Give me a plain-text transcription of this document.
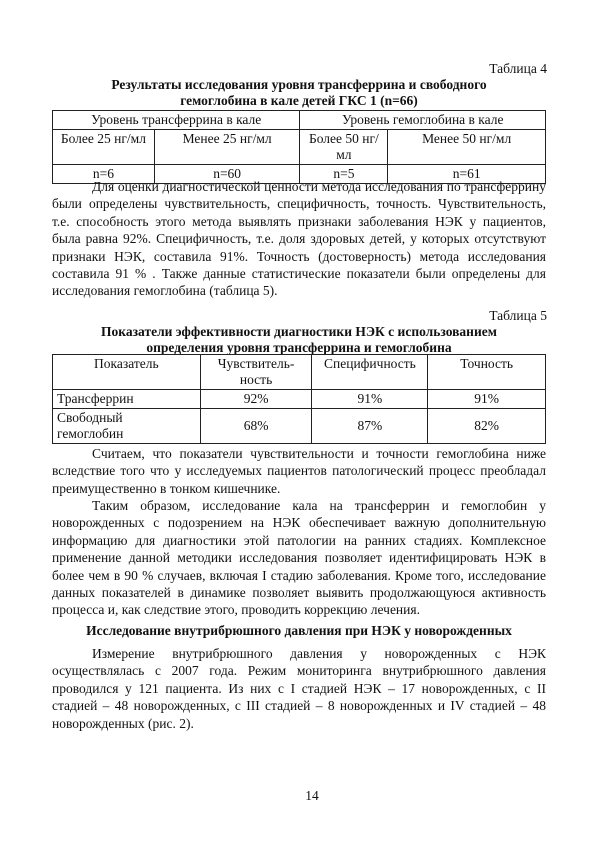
Таблица 4
Результаты исследования уровня трансферрина и свободного
гемоглобина в кале детей ГКС 1 (n=66)
Уровень трансферрина в кале		Уровень гемоглобина в кале	
Более 25 нг/мл	Менее 25 нг/мл	Более 50 нг/мл	Менее 50 нг/мл
n=6	n=60	n=5	n=61

Для оценки диагностической ценности метода исследования по трансферрину были определены чувствительность, специфичность, точность. Чувствительность, т.е. способность этого метода выявлять признаки заболевания НЭК у пациентов, была равна 92%. Специфичность, т.е. доля здоровых детей, у которых отсутствуют признаки НЭК, составила 91%. Точность (достоверность) метода исследования составила 91 % . Также данные статистические показатели были определены для исследования гемоглобина (таблица 5).

Таблица 5
Показатели эффективности диагностики НЭК с использованием
определения уровня трансферрина и гемоглобина
Показатель	Чувствитель-ность	Специфичность	Точность
Трансферрин	92%	91%	91%

Свободный гемоглобин	68%	87%	82%

Считаем, что показатели чувствительности и точности гемоглобина ниже вследствие того что у исследуемых пациентов патологический процесс преобладал преимущественно в тонком кишечнике.

Таким образом, исследование кала на трансферрин и гемоглобин у новорожденных с подозрением на НЭК обеспечивает важную дополнительную информацию для диагностики этой патологии на ранних стадиях. Комплексное применение данной методики исследования позволяет идентифицировать НЭК в более чем в 90 % случаев, включая I стадию заболевания. Кроме того, исследование данных показателей в динамике позволяет выявить продолжающуюся активность процесса и, как следствие этого, проводить коррекцию лечения.

Исследование внутрибрюшного давления при НЭК у новорожденных

Измерение внутрибрюшного давления у новорожденных с НЭК осуществлялась с 2007 года. Режим мониторинга внутрибрюшного давления проводился у 121 пациента. Из них с I стадией НЭК – 17 новорожденных, с II стадией – 48 новорожденных, с III стадией – 8 новорожденных и IV стадией – 48 новорожденных (рис. 2).

14
